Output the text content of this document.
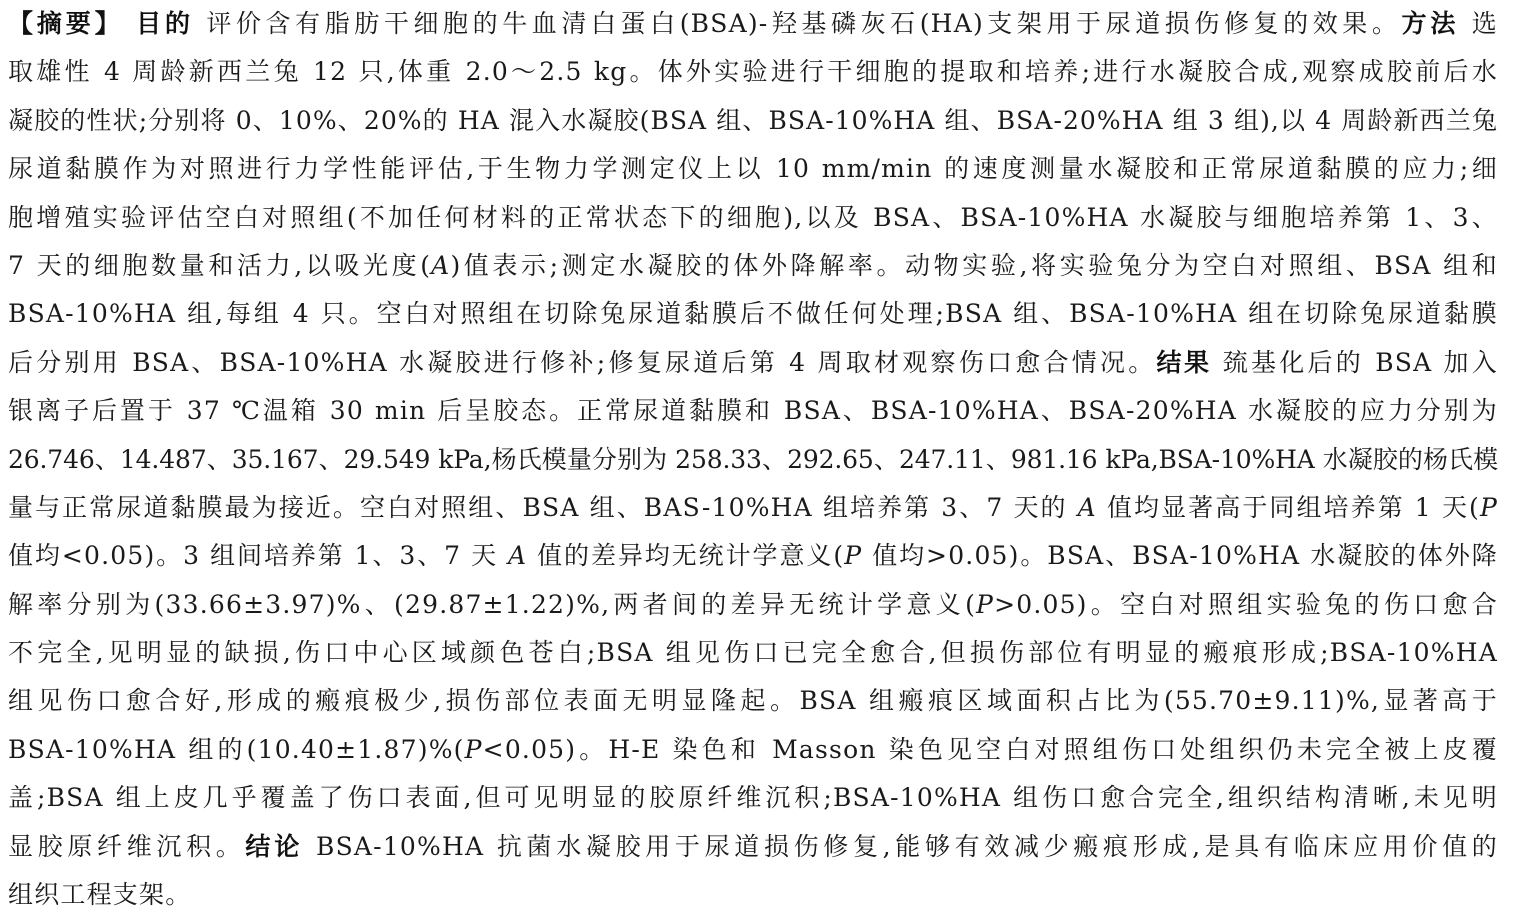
【摘要】 目的 评价含有脂肪干细胞的牛血清白蛋白(BSA)-羟基磷灰石(HA)支架用于尿道损伤修复的效果。方法 选
取雄性 4 周龄新西兰兔 12 只,体重 2.0～2.5 kg。体外实验进行干细胞的提取和培养;进行水凝胶合成,观察成胶前后水
凝胶的性状;分别将 0、10%、20%的 HA 混入水凝胶(BSA 组、BSA-10%HA 组、BSA-20%HA 组 3 组),以 4 周龄新西兰兔
尿道黏膜作为对照进行力学性能评估,于生物力学测定仪上以 10 mm/min 的速度测量水凝胶和正常尿道黏膜的应力;细
胞增殖实验评估空白对照组(不加任何材料的正常状态下的细胞),以及 BSA、BSA-10%HA 水凝胶与细胞培养第 1、3、
7 天的细胞数量和活力,以吸光度(A)值表示;测定水凝胶的体外降解率。动物实验,将实验兔分为空白对照组、BSA 组和
BSA-10%HA 组,每组 4 只。空白对照组在切除兔尿道黏膜后不做任何处理;BSA 组、BSA-10%HA 组在切除兔尿道黏膜
后分别用 BSA、BSA-10%HA 水凝胶进行修补;修复尿道后第 4 周取材观察伤口愈合情况。结果 巯基化后的 BSA 加入
银离子后置于 37 ℃温箱 30 min 后呈胶态。正常尿道黏膜和 BSA、BSA-10%HA、BSA-20%HA 水凝胶的应力分别为
26.746、14.487、35.167、29.549 kPa,杨氏模量分别为 258.33、292.65、247.11、981.16 kPa,BSA-10%HA 水凝胶的杨氏模
量与正常尿道黏膜最为接近。空白对照组、BSA 组、BAS-10%HA 组培养第 3、7 天的 A 值均显著高于同组培养第 1 天(P
值均<0.05)。3 组间培养第 1、3、7 天 A 值的差异均无统计学意义(P 值均>0.05)。BSA、BSA-10%HA 水凝胶的体外降
解率分别为(33.66±3.97)%、(29.87±1.22)%,两者间的差异无统计学意义(P>0.05)。空白对照组实验兔的伤口愈合
不完全,见明显的缺损,伤口中心区域颜色苍白;BSA 组见伤口已完全愈合,但损伤部位有明显的瘢痕形成;BSA-10%HA
组见伤口愈合好,形成的瘢痕极少,损伤部位表面无明显隆起。BSA 组瘢痕区域面积占比为(55.70±9.11)%,显著高于
BSA-10%HA 组的(10.40±1.87)%(P<0.05)。H-E 染色和 Masson 染色见空白对照组伤口处组织仍未完全被上皮覆
盖;BSA 组上皮几乎覆盖了伤口表面,但可见明显的胶原纤维沉积;BSA-10%HA 组伤口愈合完全,组织结构清晰,未见明
显胶原纤维沉积。结论 BSA-10%HA 抗菌水凝胶用于尿道损伤修复,能够有效减少瘢痕形成,是具有临床应用价值的
组织工程支架。
